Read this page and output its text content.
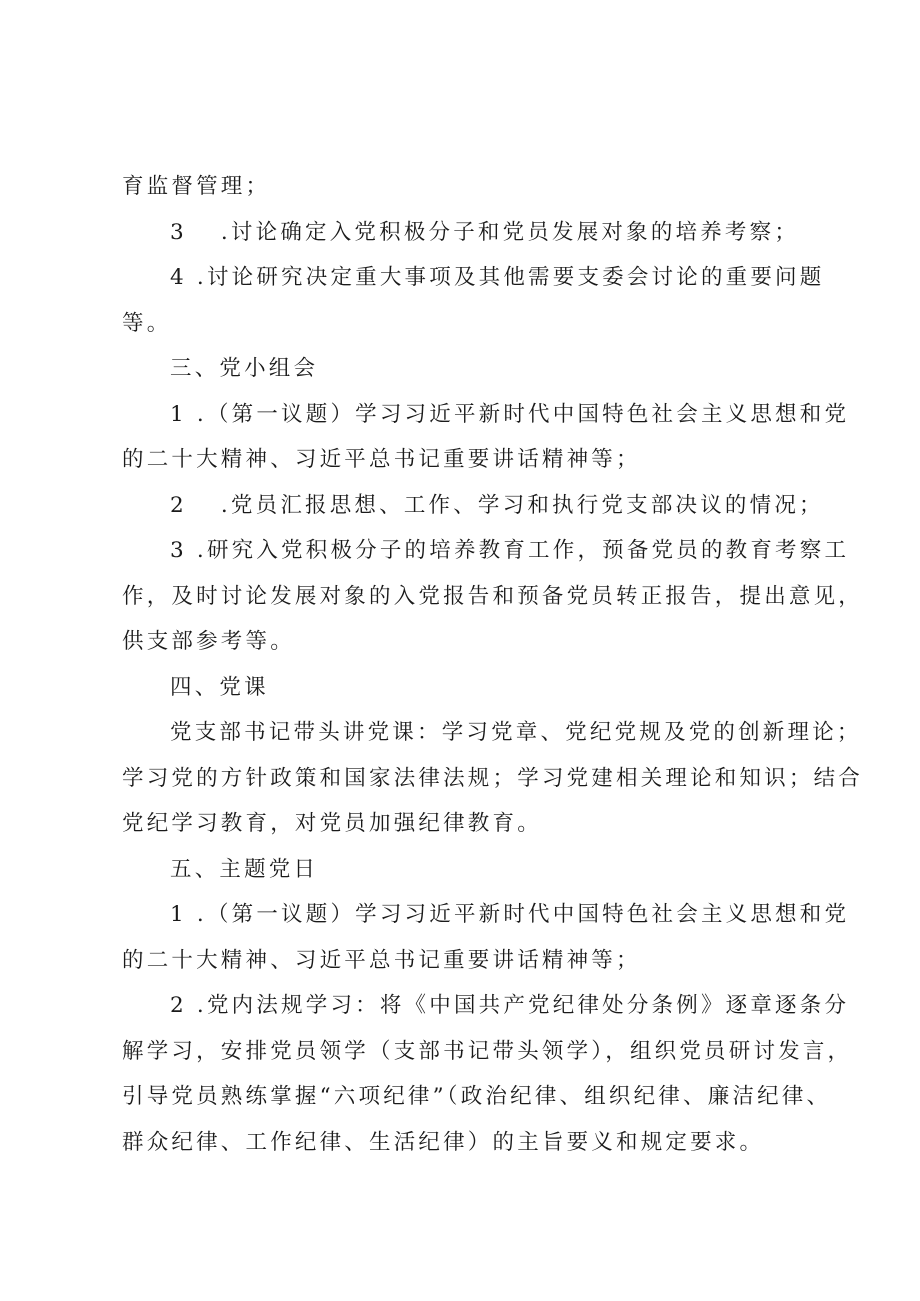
育监督管理；

3 .讨论确定入党积极分子和党员发展对象的培养考察；

4 .讨论研究决定重大事项及其他需要支委会讨论的重要问题

等。

三、党小组会

1 .（第一议题）学习习近平新时代中国特色社会主义思想和党

的二十大精神、习近平总书记重要讲话精神等；

2 .党员汇报思想、工作、学习和执行党支部决议的情况；

3 .研究入党积极分子的培养教育工作，预备党员的教育考察工

作，及时讨论发展对象的入党报告和预备党员转正报告，提出意见，

供支部参考等。

四、党课

党支部书记带头讲党课：学习党章、党纪党规及党的创新理论；

学习党的方针政策和国家法律法规；学习党建相关理论和知识；结合

党纪学习教育，对党员加强纪律教育。

五、主题党日

1 .（第一议题）学习习近平新时代中国特色社会主义思想和党

的二十大精神、习近平总书记重要讲话精神等；

2 .党内法规学习：将《中国共产党纪律处分条例》逐章逐条分

解学习，安排党员领学（支部书记带头领学），组织党员研讨发言，

引导党员熟练掌握“六项纪律”（政治纪律、组织纪律、廉洁纪律、

群众纪律、工作纪律、生活纪律）的主旨要义和规定要求。
